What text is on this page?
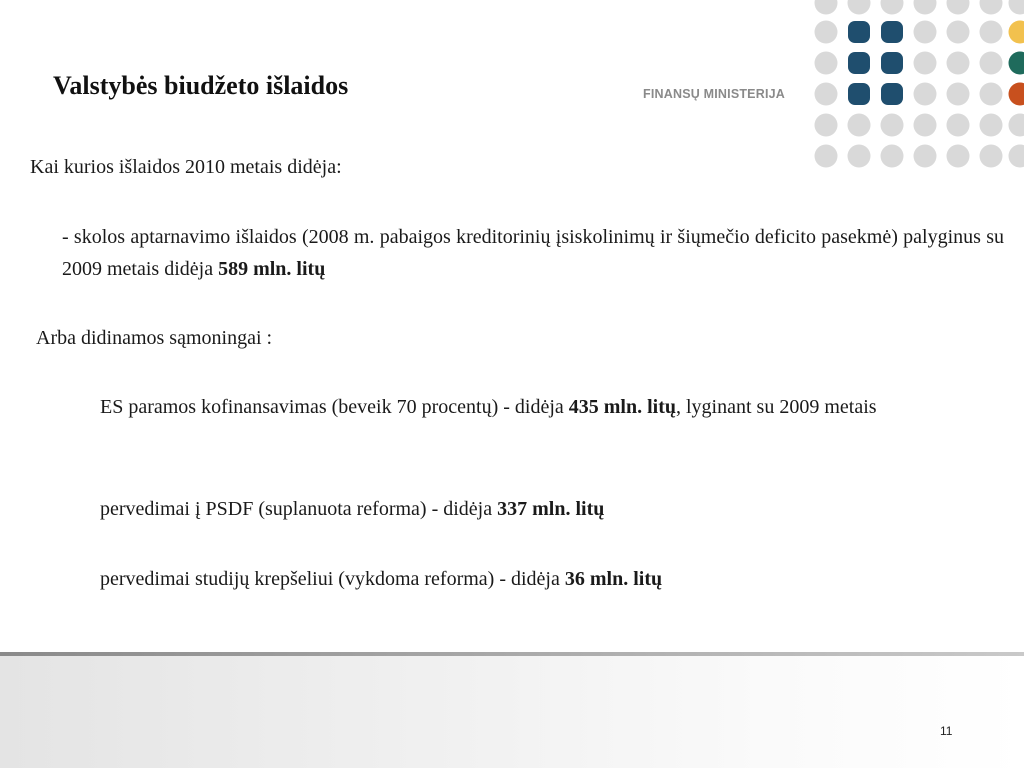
Valstybės biudžeto išlaidos	FINANSŲ MINISTERIJA
Kai kurios išlaidos 2010 metais didėja:
- skolos aptarnavimo išlaidos (2008 m. pabaigos kreditorinių įsiskolinimų ir šiųmečio deficito pasekmė) palyginus su 2009 metais didėja 589 mln. litų
Arba didinamos sąmoningai :
ES paramos kofinansavimas (beveik 70 procentų) - didėja 435 mln. litų, lyginant su 2009 metais
pervedimai į PSDF (suplanuota reforma) - didėja 337 mln. litų
pervedimai studijų krepšeliui (vykdoma reforma) - didėja 36 mln. litų
11
